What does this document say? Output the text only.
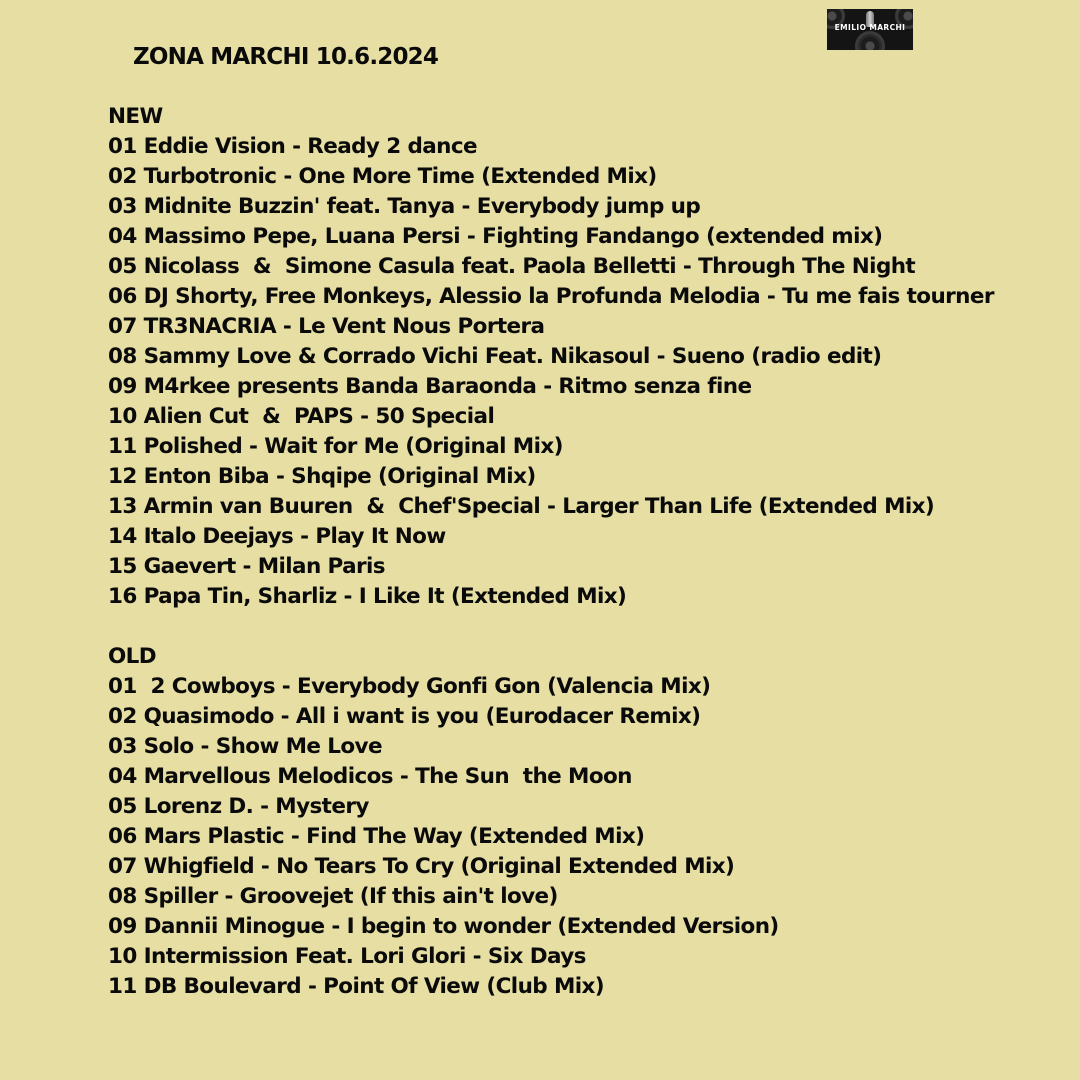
ZONA MARCHI 10.6.2024
EMILIO MARCHI
NEW
01 Eddie Vision - Ready 2 dance
02 Turbotronic - One More Time (Extended Mix)
03 Midnite Buzzin' feat. Tanya - Everybody jump up
04 Massimo Pepe, Luana Persi - Fighting Fandango (extended mix)
05 Nicolass  &  Simone Casula feat. Paola Belletti - Through The Night
06 DJ Shorty, Free Monkeys, Alessio la Profunda Melodia - Tu me fais tourner
07 TR3NACRIA - Le Vent Nous Portera
08 Sammy Love & Corrado Vichi Feat. Nikasoul - Sueno (radio edit)
09 M4rkee presents Banda Baraonda - Ritmo senza fine
10 Alien Cut  &  PAPS - 50 Special
11 Polished - Wait for Me (Original Mix)
12 Enton Biba - Shqipe (Original Mix)
13 Armin van Buuren  &  Chef'Special - Larger Than Life (Extended Mix)
14 Italo Deejays - Play It Now
15 Gaevert - Milan Paris
16 Papa Tin, Sharliz - I Like It (Extended Mix)
OLD
01  2 Cowboys - Everybody Gonfi Gon (Valencia Mix)
02 Quasimodo - All i want is you (Eurodacer Remix)
03 Solo - Show Me Love
04 Marvellous Melodicos - The Sun  the Moon
05 Lorenz D. - Mystery
06 Mars Plastic - Find The Way (Extended Mix)
07 Whigfield - No Tears To Cry (Original Extended Mix)
08 Spiller - Groovejet (If this ain't love)
09 Dannii Minogue - I begin to wonder (Extended Version)
10 Intermission Feat. Lori Glori - Six Days
11 DB Boulevard - Point Of View (Club Mix)
